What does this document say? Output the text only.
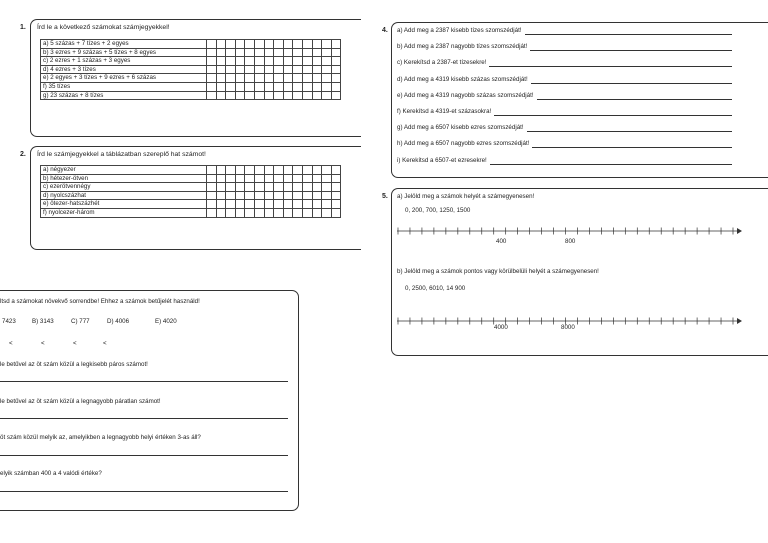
1. Írd le a következő számokat számjegyekkel!
a) 5 százas + 7 tízes + 2 egyes														
b) 3 ezres + 9 százas + 5 tízes + 8 egyes														
c) 2 ezres + 1 százas + 3 egyes														
d) 4 ezres + 3 tízes														
e) 2 egyes + 3 tízes + 9 ezres + 6 százas														
f) 35 tízes														
g) 23 százas + 8 tízes														
2. Írd le számjegyekkel a táblázatban szereplő hat számot!
a) négyezer														
b) hétezer-ötven														
c) ezerötvennégy														
d) nyolcszázhat														
e) ötezer-hatszázhét														
f) nyolcezer-három														
ltsd a számokat növekvő sorrendbe! Ehhez a számok betűjelét használd!
7423	B) 3143	C) 777	D) 4006	E) 4020
<	<	<	<
le betűvel az öt szám közül a legkisebb páros számot!
le betűvel az öt szám közül a legnagyobb páratlan számot!
öt szám közül melyik az, amelyikben a legnagyobb helyi értéken 3-as áll?
elyik számban 400 a 4 valódi értéke?
4. a) Add meg a 2387 kisebb tízes szomszédját!
b) Add meg a 2387 nagyobb tízes szomszédját!
c) Kerekítsd a 2387-et tízesekre!
d) Add meg a 4319 kisebb százas szomszédját!
e) Add meg a 4319 nagyobb százas szomszédját!
f) Kerekítsd a 4319-et százasokra!
g) Add meg a 6507 kisebb ezres szomszédját!
h) Add meg a 6507 nagyobb ezres szomszédját!
i) Kerekítsd a 6507-et ezresekre!
5. a) Jelöld meg a számok helyét a számegyenesen!
0, 200, 700, 1250, 1500
400	800
b) Jelöld meg a számok pontos vagy körülbelüli helyét a számegyenesen!
0, 2500, 6010, 14 900
4000	8000
